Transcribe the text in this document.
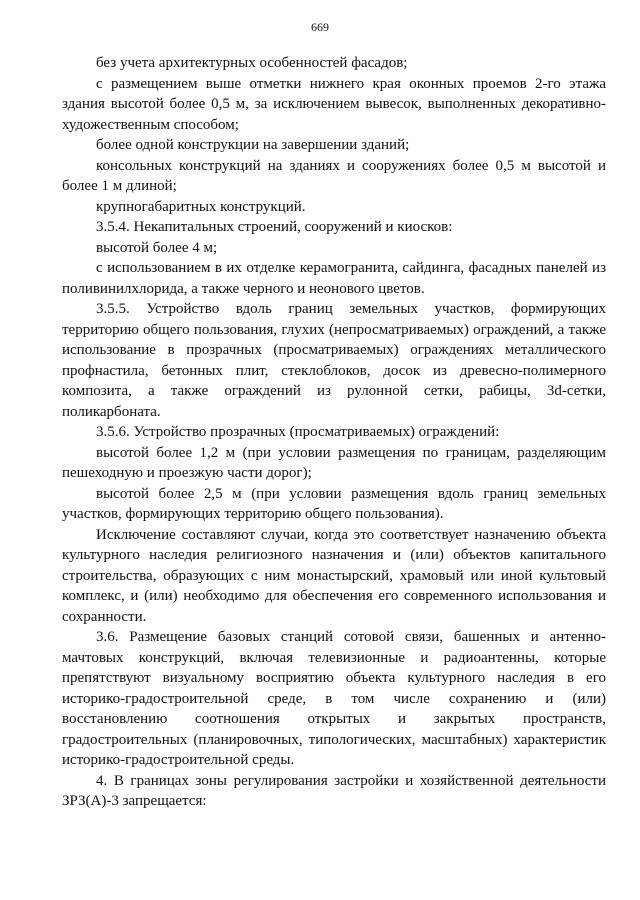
669

без учета архитектурных особенностей фасадов;

с размещением выше отметки нижнего края оконных проемов 2-го этажа здания высотой более 0,5 м, за исключением вывесок, выполненных декоративно-художественным способом;

более одной конструкции на завершении зданий;

консольных конструкций на зданиях и сооружениях более 0,5 м высотой и более 1 м длиной;

крупногабаритных конструкций.

3.5.4. Некапитальных строений, сооружений и киосков:

высотой более 4 м;

с использованием в их отделке керамогранита, сайдинга, фасадных панелей из поливинилхлорида, а также черного и неонового цветов.

3.5.5. Устройство вдоль границ земельных участков, формирующих территорию общего пользования, глухих (непросматриваемых) ограждений, а также использование в прозрачных (просматриваемых) ограждениях металлического профнастила, бетонных плит, стеклоблоков, досок из древесно-полимерного композита, а также ограждений из рулонной сетки, рабицы, 3d-сетки, поликарбоната.

3.5.6. Устройство прозрачных (просматриваемых) ограждений:

высотой более 1,2 м (при условии размещения по границам, разделяющим пешеходную и проезжую части дорог);

высотой более 2,5 м (при условии размещения вдоль границ земельных участков, формирующих территорию общего пользования).

Исключение составляют случаи, когда это соответствует назначению объекта культурного наследия религиозного назначения и (или) объектов капитального строительства, образующих с ним монастырский, храмовый или иной культовый комплекс, и (или) необходимо для обеспечения его современного использования и сохранности.

3.6. Размещение базовых станций сотовой связи, башенных и антенно-мачтовых конструкций, включая телевизионные и радиоантенны, которые препятствуют визуальному восприятию объекта культурного наследия в его историко-градостроительной среде, в том числе сохранению и (или) восстановлению соотношения открытых и закрытых пространств, градостроительных (планировочных, типологических, масштабных) характеристик историко-градостроительной среды.

4. В границах зоны регулирования застройки и хозяйственной деятельности ЗРЗ(А)-3 запрещается:
